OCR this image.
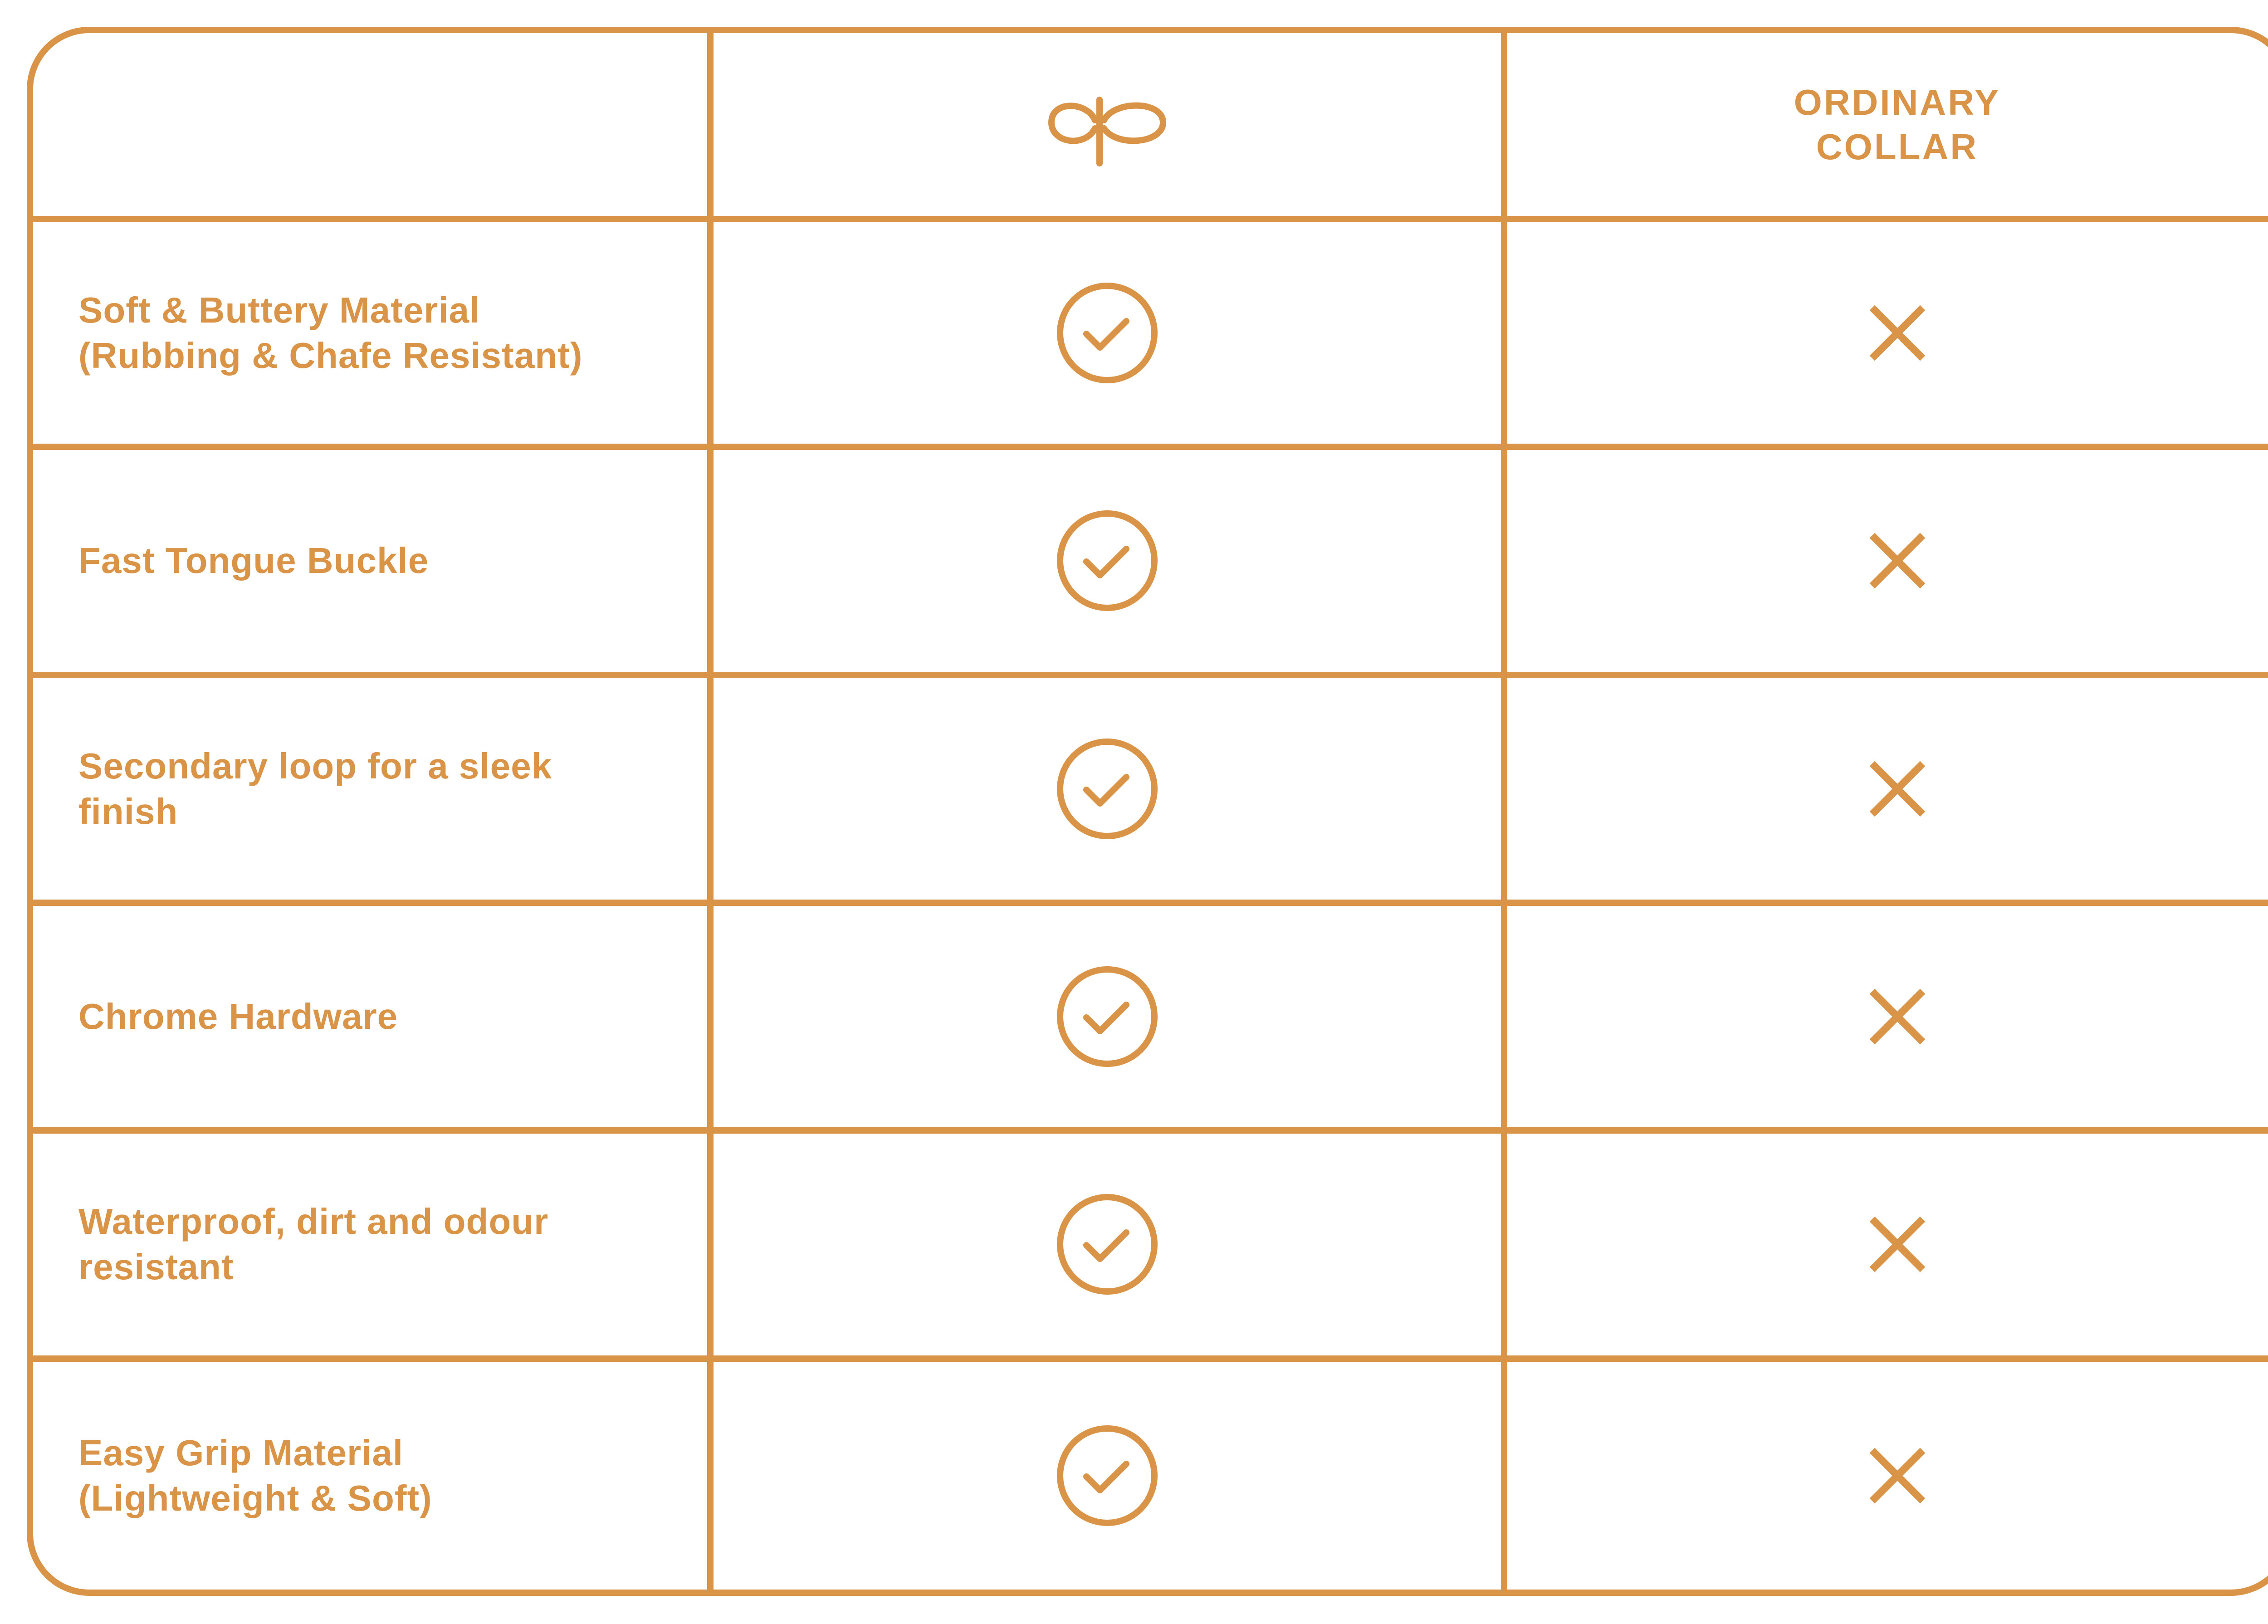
ORDINARY
COLLAR
Soft & Buttery Material
(Rubbing & Chafe Resistant)
Fast Tongue Buckle
Secondary loop for a sleek
finish
Chrome Hardware
Waterproof, dirt and odour
resistant
Easy Grip Material
(Lightweight & Soft)
